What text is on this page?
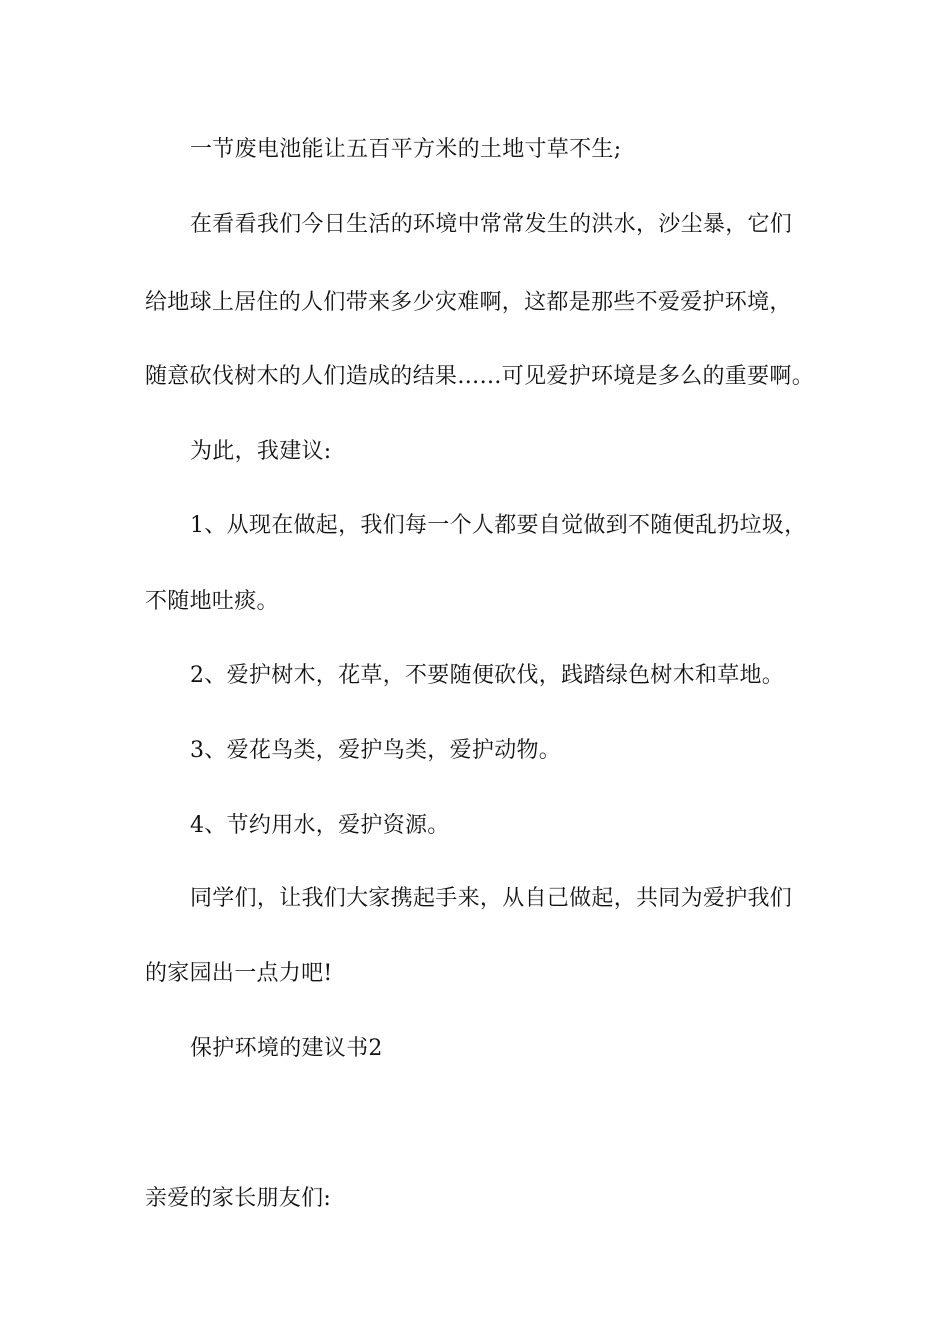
一节废电池能让五百平方米的土地寸草不生;

在看看我们今日生活的环境中常常发生的洪水，沙尘暴，它们

给地球上居住的人们带来多少灾难啊，这都是那些不爱爱护环境，

随意砍伐树木的人们造成的结果……可见爱护环境是多么的重要啊。

为此，我建议:

1、从现在做起，我们每一个人都要自觉做到不随便乱扔垃圾，

不随地吐痰。

2、爱护树木，花草，不要随便砍伐，践踏绿色树木和草地。

3、爱花鸟类，爱护鸟类，爱护动物。

4、节约用水，爱护资源。

同学们，让我们大家携起手来，从自己做起，共同为爱护我们

的家园出一点力吧!

保护环境的建议书2

亲爱的家长朋友们:
